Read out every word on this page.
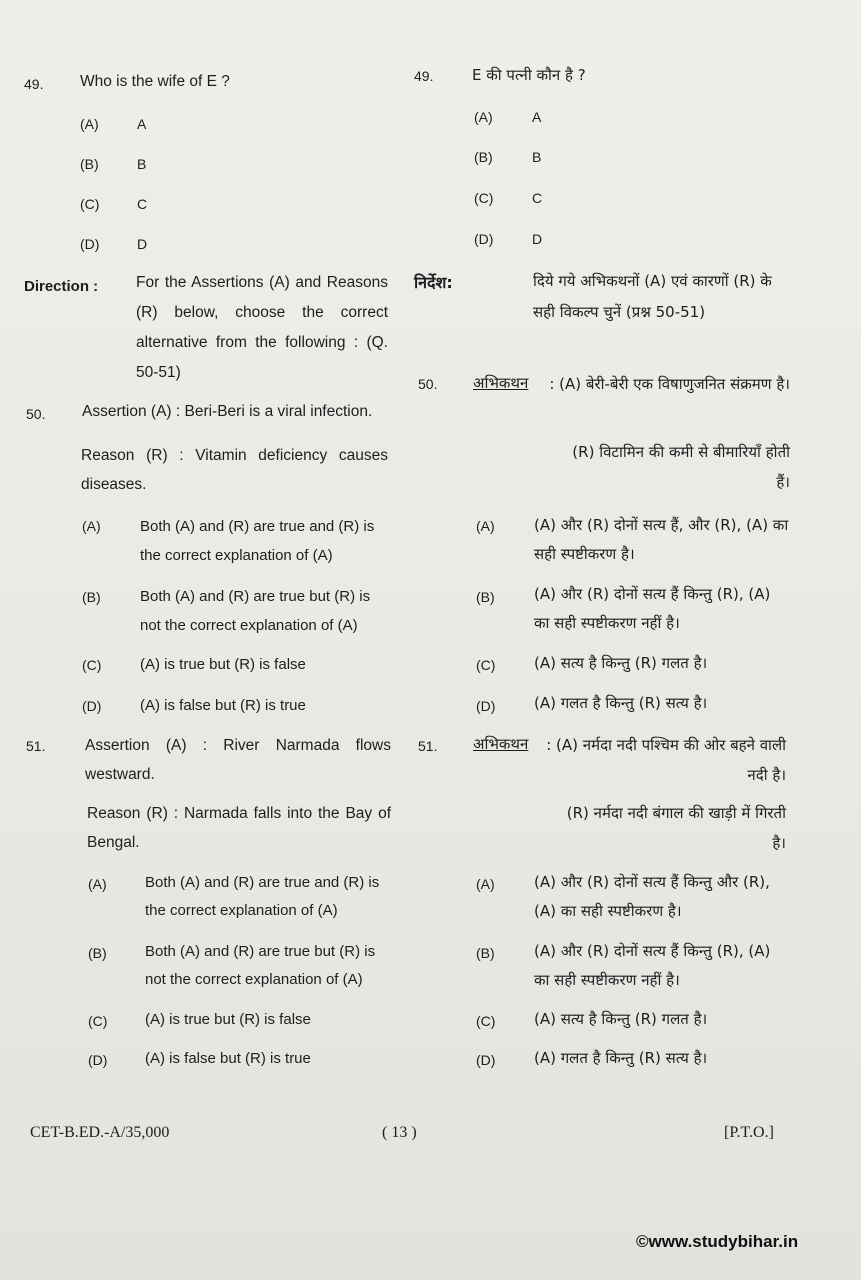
49. Who is the wife of E ?
(A)	A
(B)	B
(C)	C
(D)	D
Direction : For the Assertions (A) and Reasons (R) below, choose the correct alternative from the following : (Q. 50-51)
50. Assertion (A) : Beri-Beri is a viral infection.
Reason (R) : Vitamin deficiency causes diseases.
(A)	Both (A) and (R) are true and (R) is the correct explanation of (A)
(B)	Both (A) and (R) are true but (R) is not the correct explanation of (A)
(C)	(A) is true but (R) is false
(D)	(A) is false but (R) is true
51.	Assertion (A) : River Narmada flows westward.
Reason (R) : Narmada falls into the Bay of Bengal.
(A)	Both (A) and (R) are true and (R) is the correct explanation of (A)
(B)	Both (A) and (R) are true but (R) is not the correct explanation of (A)
(C)	(A) is true but (R) is false
(D)	(A) is false but (R) is true
49.	E की पत्नी कौन है ?
(A)	A
(B)	B
(C)	C
(D)	D
निर्देश:	दिये गये अभिकथनों (A) एवं कारणों (R) के सही विकल्प चुनें (प्रश्न 50-51)
50. अभिकथन : (A) बेरी-बेरी एक विषाणुजनित संक्रमण है।
(R) विटामिन की कमी से बीमारियाँ होती हैं।
(A)	(A) और (R) दोनों सत्य हैं, और (R), (A) का सही स्पष्टीकरण है।
(B)	(A) और (R) दोनों सत्य हैं किन्तु (R), (A) का सही स्पष्टीकरण नहीं है।
(C)	(A) सत्य है किन्तु (R) गलत है।
(D)	(A) गलत है किन्तु (R) सत्य है।
51. अभिकथन : (A) नर्मदा नदी पश्चिम की ओर बहने वाली नदी है।
(R) नर्मदा नदी बंगाल की खाड़ी में गिरती है।
(A)	(A) और (R) दोनों सत्य हैं किन्तु और (R), (A) का सही स्पष्टीकरण है।
(B)	(A) और (R) दोनों सत्य हैं किन्तु (R), (A) का सही स्पष्टीकरण नहीं है।
(C)	(A) सत्य है किन्तु (R) गलत है।
(D)	(A) गलत है किन्तु (R) सत्य है।
CET-B.ED.-A/35,000	( 13 )	[P.T.O.]
©www.studybihar.in
